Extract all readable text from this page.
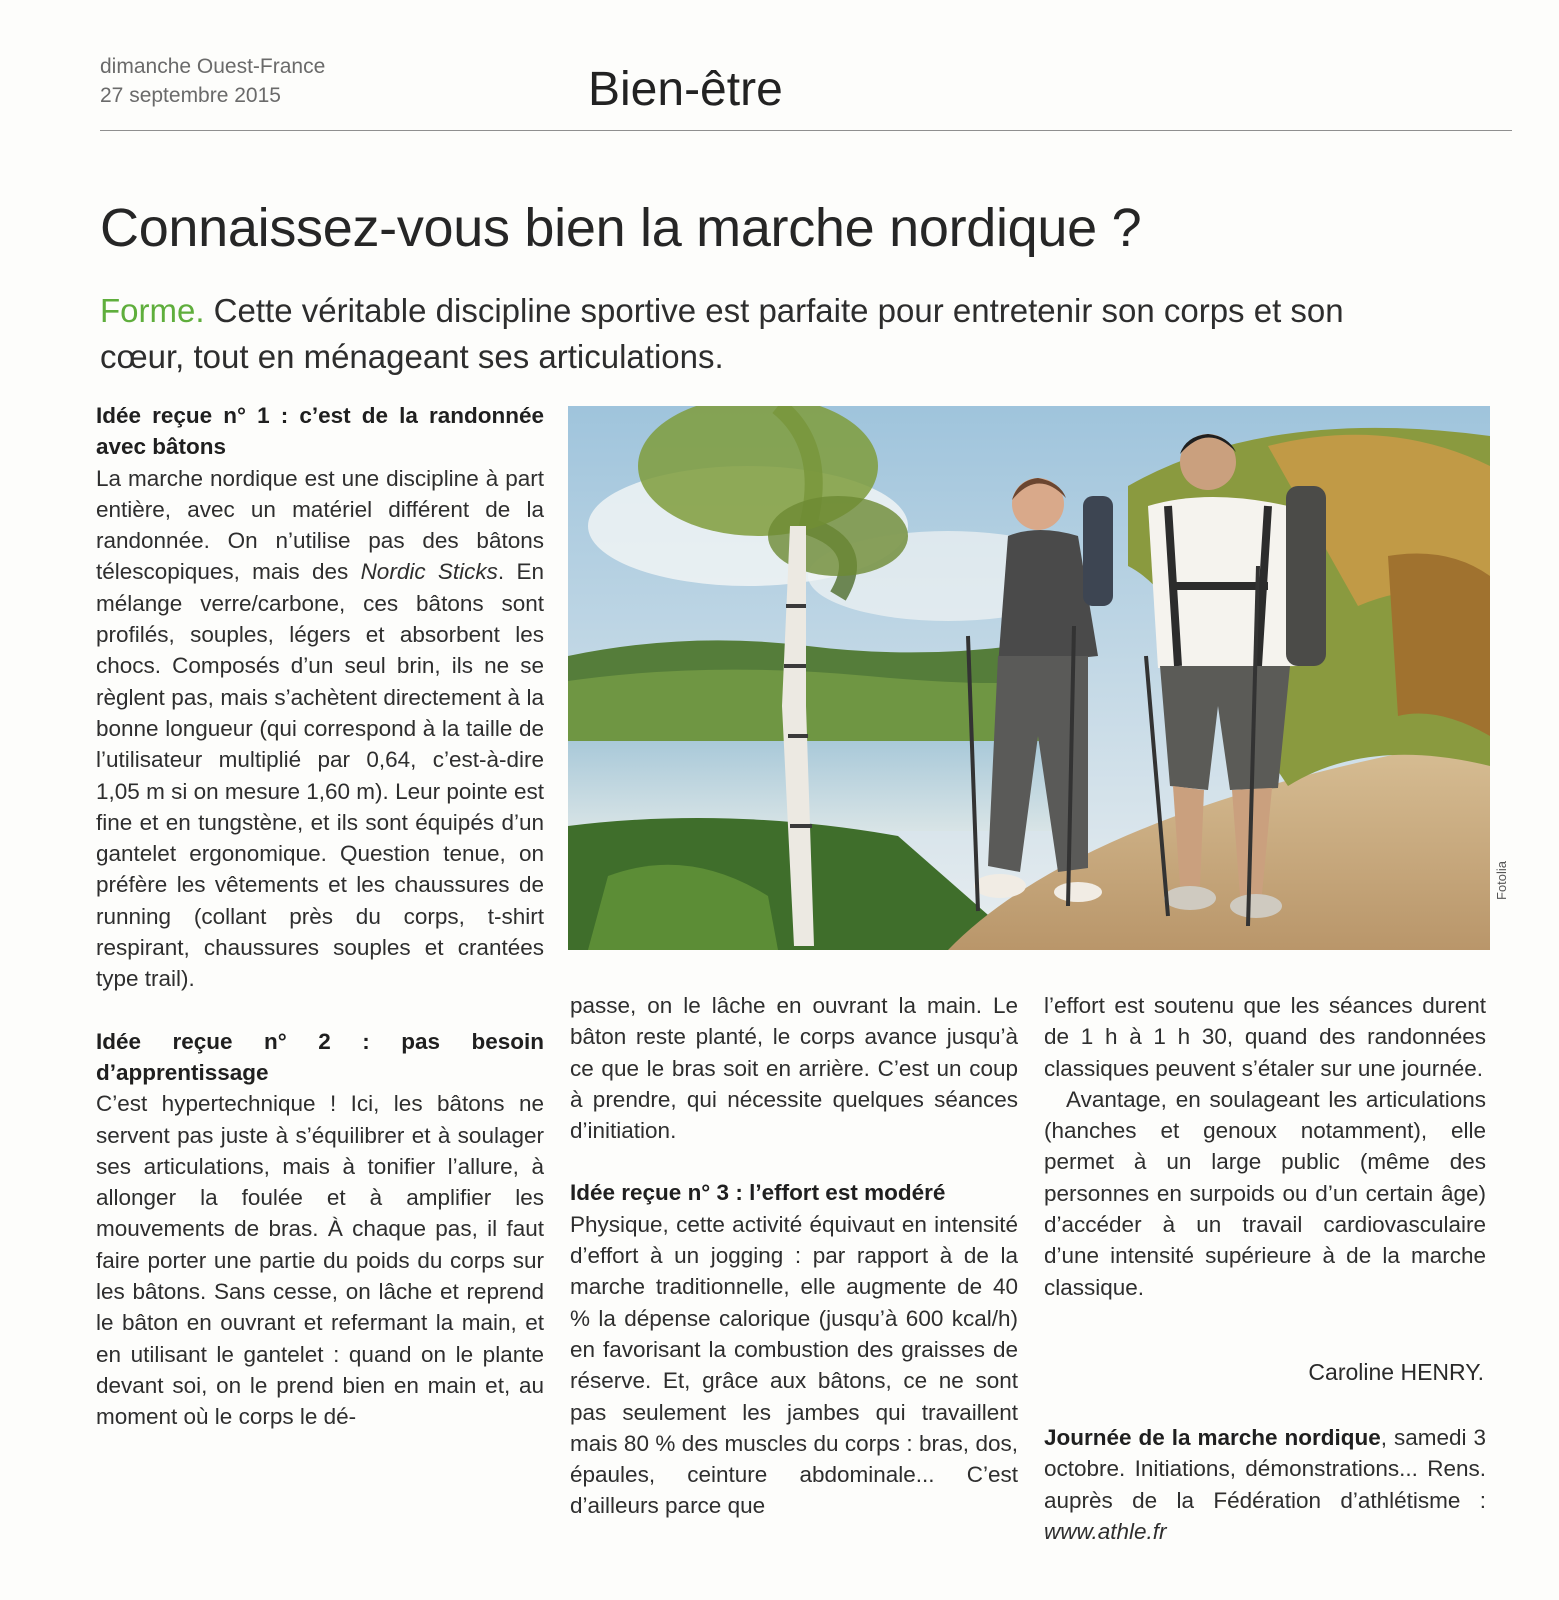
dimanche Ouest-France
27 septembre 2015	Bien-être
Connaissez-vous bien la marche nordique ?
Forme. Cette véritable discipline sportive est parfaite pour entretenir son corps et son cœur, tout en ménageant ses articulations.
Idée reçue n° 1 : c’est de la randonnée avec bâtons

La marche nordique est une discipline à part entière, avec un matériel différent de la randonnée. On n’utilise pas des bâtons télescopiques, mais des Nordic Sticks. En mélange verre/carbone, ces bâtons sont profilés, souples, légers et absorbent les chocs. Composés d’un seul brin, ils ne se règlent pas, mais s’achètent directement à la bonne longueur (qui correspond à la taille de l’utilisateur multiplié par 0,64, c’est-à-dire 1,05 m si on mesure 1,60 m). Leur pointe est fine et en tungstène, et ils sont équipés d’un gantelet ergonomique. Question tenue, on préfère les vêtements et les chaussures de running (collant près du corps, t-shirt respirant, chaussures souples et crantées type trail).

Idée reçue n° 2 : pas besoin d’apprentissage

C’est hypertechnique ! Ici, les bâtons ne servent pas juste à s’équilibrer et à soulager ses articulations, mais à tonifier l’allure, à allonger la foulée et à amplifier les mouvements de bras. À chaque pas, il faut faire porter une partie du poids du corps sur les bâtons. Sans cesse, on lâche et reprend le bâton en ouvrant et refermant la main, et en utilisant le gantelet : quand on le plante devant soi, on le prend bien en main et, au moment où le corps le dé-

Fotolia

passe, on le lâche en ouvrant la main. Le bâton reste planté, le corps avance jusqu’à ce que le bras soit en arrière. C’est un coup à prendre, qui nécessite quelques séances d’initiation.

Idée reçue n° 3 : l’effort est modéré

Physique, cette activité équivaut en intensité d’effort à un jogging : par rapport à de la marche traditionnelle, elle augmente de 40 % la dépense calorique (jusqu’à 600 kcal/h) en favorisant la combustion des graisses de réserve. Et, grâce aux bâtons, ce ne sont pas seulement les jambes qui travaillent mais 80 % des muscles du corps : bras, dos, épaules, ceinture abdominale... C’est d’ailleurs parce que

l’effort est soutenu que les séances durent de 1 h à 1 h 30, quand des randonnées classiques peuvent s’étaler sur une journée.

Avantage, en soulageant les articulations (hanches et genoux notamment), elle permet à un large public (même des personnes en surpoids ou d’un certain âge) d’accéder à un travail cardiovasculaire d’une intensité supérieure à de la marche classique.

Caroline HENRY.

Journée de la marche nordique, samedi 3 octobre. Initiations, démonstrations... Rens. auprès de la Fédération d’athlétisme : www.athle.fr
